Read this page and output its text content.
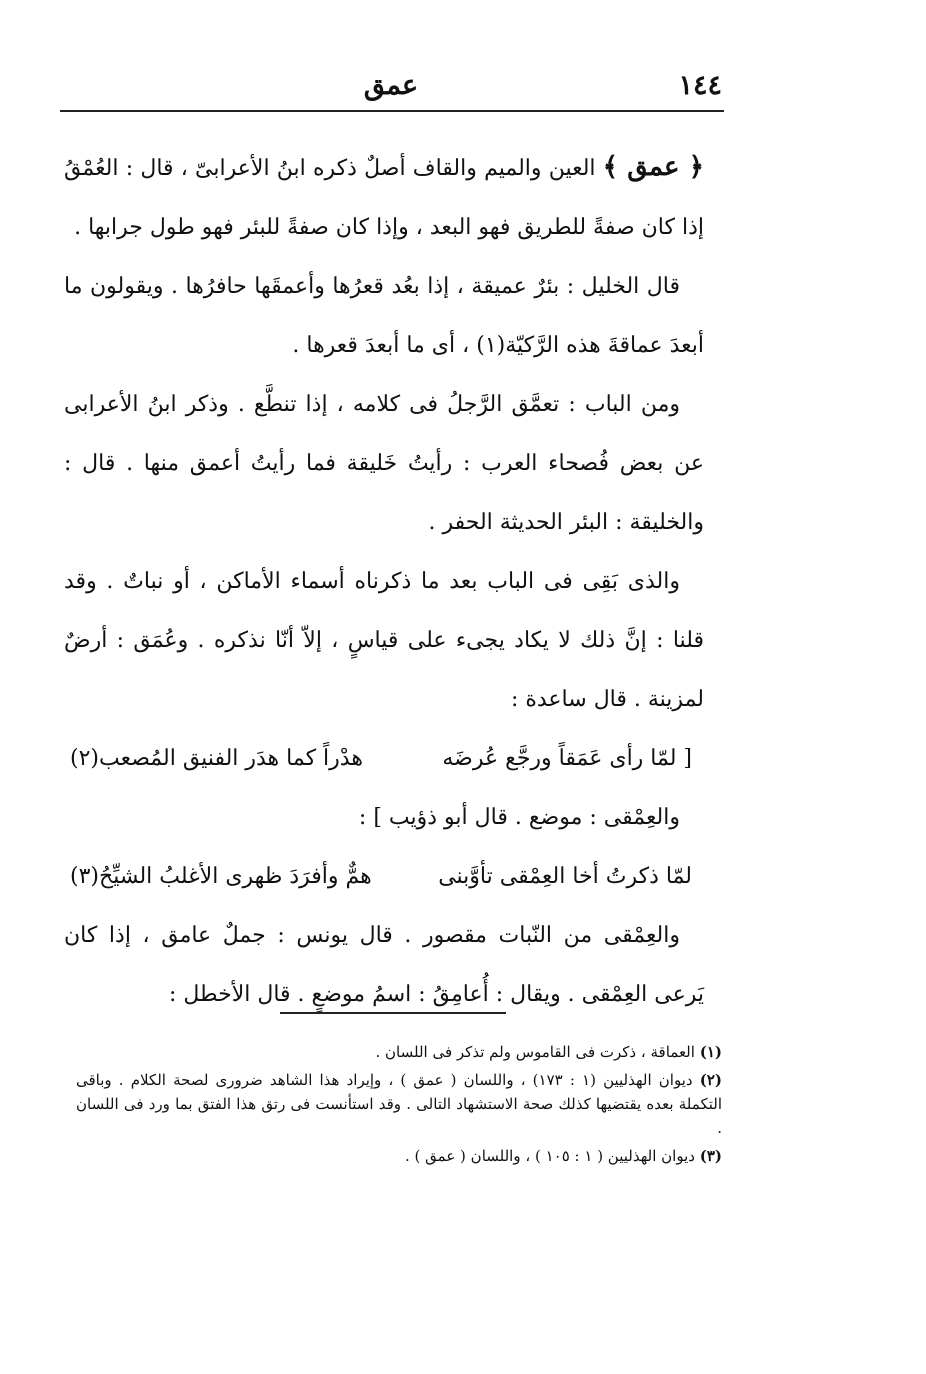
١٤٤
عمق

﴿ عمق ﴾ العين والميم والقاف أصلٌ ذكره ابنُ الأعرابىّ ، قال : العُمْقُ إذا كان صفةً للطريق فهو البعد ، وإذا كان صفةً للبئر فهو طول جرابها .

قال الخليل : بئرٌ عميقة ، إذا بعُد قعرُها وأعمقَها حافرُها . ويقولون ما أبعدَ عماقةَ هذه الرَّكيّة(١) ، أى ما أبعدَ قعرها .

ومن الباب : تعمَّق الرَّجلُ فى كلامه ، إذا تنطَّع . وذكر ابنُ الأعرابى عن بعض فُصحاء العرب : رأيتُ خَليقة فما رأيتُ أعمق منها . قال : والخليقة : البئر الحديثة الحفر .

والذى بَقِى فى الباب بعد ما ذكرناه أسماء الأماكن ، أو نباتٌ . وقد قلنا : إنَّ ذلك لا يكاد يجىء على قياسٍ ، إلاّ أنّا نذكره . وعُمَق : أرضٌ لمزينة . قال ساعدة :

[ لمّا رأى عَمَقاً ورجَّع عُرضَه
هدْراً كما هدَر الفنيق المُصعب(٢)

والعِمْقى : موضع . قال أبو ذؤيب ] :

لمّا ذكرتُ أخا العِمْقى تأوَّبنى
همٌّ وأفرَدَ ظهرى الأغلبُ الشيِّحُ(٣)

والعِمْقى من النّبات مقصور . قال يونس : جملٌ عامق ، إذا كان يَرعى العِمْقى . ويقال : أُعامِقُ : اسمُ موضعٍ . قال الأخطل :

(١) العماقة ، ذكرت فى القاموس ولم تذكر فى اللسان .

(٢) ديوان الهذليين (١ : ١٧٣) ، واللسان ( عمق ) ، وإيراد هذا الشاهد ضرورى لصحة الكلام . وباقى التكملة بعده يقتضيها كذلك صحة الاستشهاد التالى . وقد استأنست فى رتق هذا الفتق بما ورد فى اللسان .

(٣) ديوان الهذليين ( ١ : ١٠٥ ) ، واللسان ( عمق ) .
